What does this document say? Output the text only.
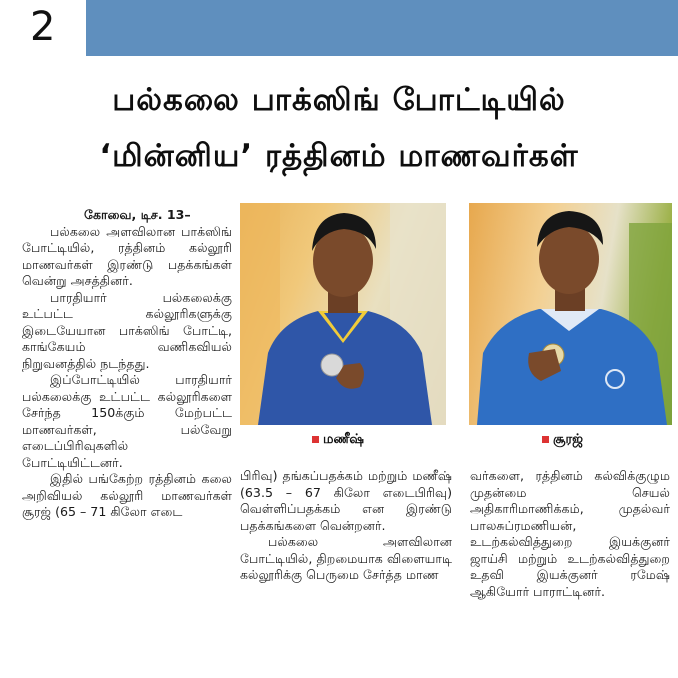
2
பல்கலை பாக்ஸிங் போட்டியில்
‘மின்னிய’ ரத்தினம் மாணவர்கள்

கோவை, டிச. 13–

பல்கலை அளவிலான பாக்ஸிங் போட்டியில், ரத்தினம் கல்லூரி மாணவர்கள் இரண்டு பதக்கங்கள் வென்று அசத்தினர்.

பாரதியார் பல்கலைக்கு உட்பட்ட கல்லூரிகளுக்கு இடையேயான பாக்ஸிங் போட்டி, காங்கேயம் வணிகவியல் நிறுவனத்தில் நடந்தது.

இப்போட்டியில் பாரதியார் பல்கலைக்கு உட்பட்ட கல்லூரிகளை சேர்ந்த 150க்கும் மேற்பட்ட மாணவர்கள், பல்வேறு எடைப்பிரிவுகளில் போட்டியிட்டனர்.

இதில் பங்கேற்ற ரத்தினம் கலை அறிவியல் கல்லூரி மாணவர்கள் சூரஜ் (65 – 71 கிலோ எடை

மணீஷ்	சூரஜ்

பிரிவு) தங்கப்பதக்கம் மற்றும் மணீஷ் (63.5 – 67 கிலோ எடைபிரிவு) வெள்ளிப்பதக்கம் என இரண்டு பதக்கங்களை வென்றனர்.

பல்கலை அளவிலான போட்டியில், திறமையாக விளையாடி கல்லூரிக்கு பெருமை சேர்த்த மாண

வர்களை, ரத்தினம் கல்விக்குழும முதன்மை செயல் அதிகாரிமாணிக்கம், முதல்வர் பாலசுப்ரமணியன், உடற்கல்வித்துறை இயக்குனர் ஜாய்சி மற்றும் உடற்கல்வித்துறை உதவி இயக்குனர் ரமேஷ் ஆகியோர் பாராட்டினர்.
